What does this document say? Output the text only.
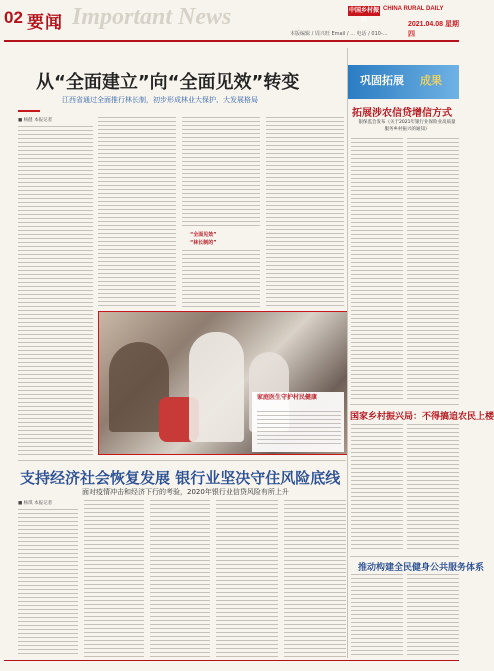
02 要闻 Important News	中国乡村振兴
CHINA RURAL DAILY
2021.04.08 星期四
本版编辑 / 周兴旺 Email / ... 电话 / 010-...
从“全面建立”向“全面见效”转变
江西省通过全面推行林长制，初步形成林业大保护、大发展格局
■ 杨健 本报记者
“全面见效”
“林长制的”
家庭医生守护村民健康
支持经济社会恢复发展 银行业坚决守住风险底线
面对疫情冲击和经济下行的考验，2020年银行业信贷风险有所上升
■ 杨琪 本报记者
巩固拓展 成果
拓展涉农信贷增信方式
银保监会发布《关于2021年银行业保险业高质量服务乡村振兴的通知》
国家乡村振兴局：不得搞追农民上楼
推动构建全民健身公共服务体系
